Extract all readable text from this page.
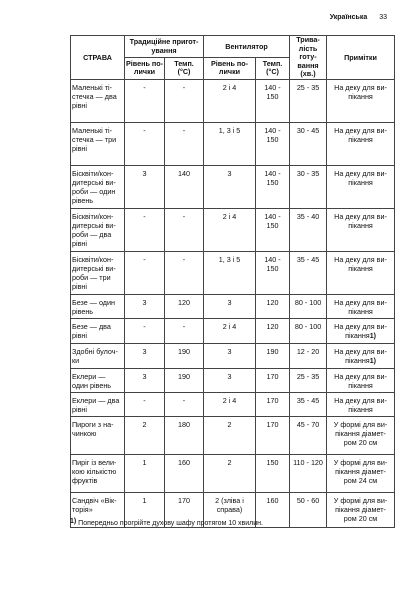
Українська 33
СТРАВА	Традиційне пригот-
ування		Вентилятор		Трива-
лість готу-
вання
(хв.)	Примітки
	Рівень по-
лички	Темп.
(°С)	Рівень по-
лички	Темп.
(°С)		
Маленькі ті-
стечка — два
рівні	-	-	2 і 4	140 -
150	25 - 35	На деку для ви-
пікання
Маленькі ті-
стечка — три
рівні	-	-	1, 3 і 5	140 -
150	30 - 45	На деку для ви-
пікання
Бісквіти/кон-
дитерські ви-
роби — один
рівень	3	140	3	140 -
150	30 - 35	На деку для ви-
пікання
Бісквіти/кон-
дитерські ви-
роби — два
рівні	-	-	2 і 4	140 -
150	35 - 40	На деку для ви-
пікання
Бісквіти/кон-
дитерські ви-
роби — три
рівні	-	-	1, 3 і 5	140 -
150	35 - 45	На деку для ви-
пікання
Безе — один
рівень	3	120	3	120	80 - 100	На деку для ви-
пікання
Безе — два
рівні	-	-	2 і 4	120	80 - 100	На деку для ви-
пікання1)
Здобні булоч-
ки	3	190	3	190	12 - 20	На деку для ви-
пікання1)
Еклери —
один рівень	3	190	3	170	25 - 35	На деку для ви-
пікання
Еклери — два
рівні	-	-	2 і 4	170	35 - 45	На деку для ви-
пікання
Пироги з на-
чинкою	2	180	2	170	45 - 70	У формі для ви-
пікання діамет-
ром 20 см
Пиріг із вели-
кою кількістю
фруктів	1	160	2	150	110 - 120	У формі для ви-
пікання діамет-
ром 24 см
Сандвіч «Вік-
торія»	1	170	2 (зліва і
справа)	160	50 - 60	У формі для ви-
пікання діамет-
ром 20 см
$^{1)}$ Попередньо прогрійте духову шафу протягом 10 хвилин.
